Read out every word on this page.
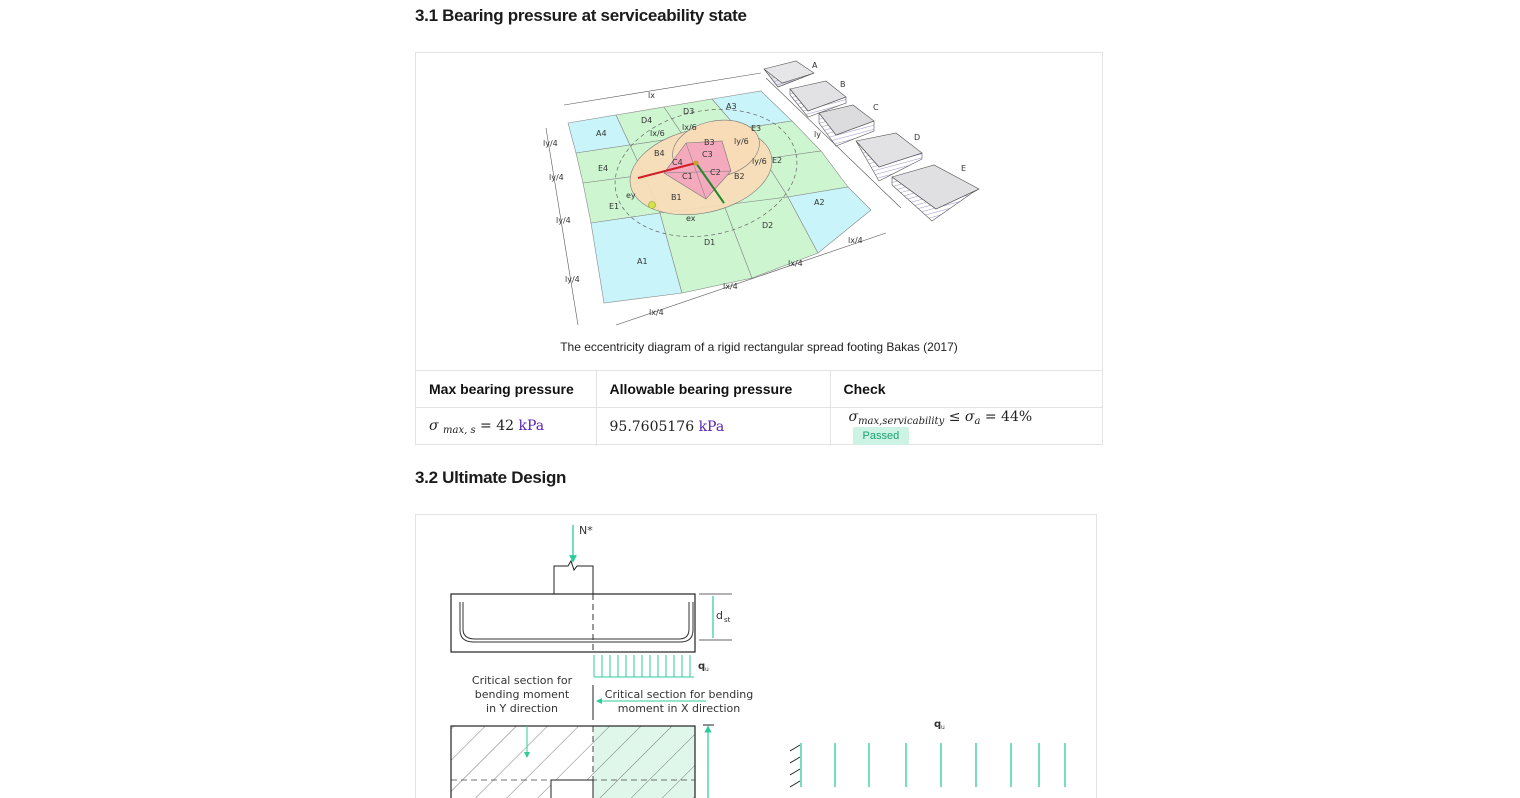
3.1 Bearing pressure at serviceability state
A4
D4
D3
A3
E4
E1
B4
B3
E3
E2
C4
C3
C1 C2 B2
B1
A2
D2
D1
A1
lx
ly
ly/4
ly/4
ly/4
ly/4
lx/4
lx/4
lx/4
lx/4
lx/6
lx/6
ly/6
ly/6
ex
ey
A
B
C
D
E
The eccentricity diagram of a rigid rectangular spread footing Bakas (2017)
Max bearing pressure	Allowable bearing pressure	Check
σ $_{max, s}$ = 42 kPa	95.7605176 kPa	$\sigma_{max,servicability} \le \sigma_a = 44\%$ Passed
3.2 Ultimate Design
N*
d st
q u
Critical section for
bending moment
in Y direction
Critical section for bending
moment in X direction
q u
